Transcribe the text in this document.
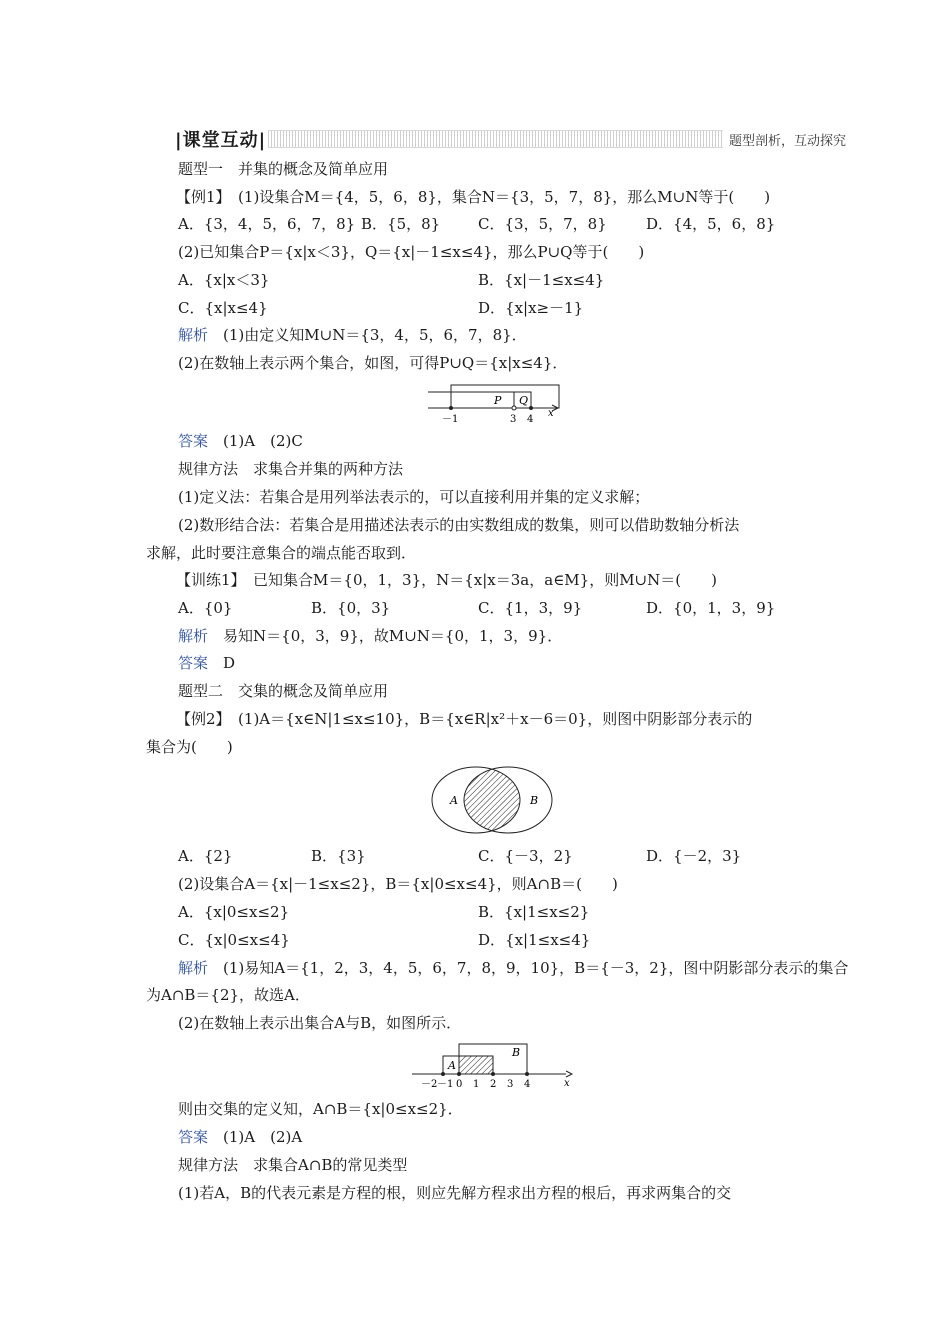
|课堂互动|	题型剖析，互动探究
题型一　并集的概念及简单应用
【例1】　(1)设集合M＝{4，5，6，8}，集合N＝{3，5，7，8}，那么M∪N等于(　　)
A．{3，4，5，6，7，8} B．{5，8}	C．{3，5，7，8}	D．{4，5，6，8}
(2)已知集合P＝{x|x＜3}，Q＝{x|－1≤x≤4}，那么P∪Q等于(　　)
A．{x|x＜3}	B．{x|－1≤x≤4}
C．{x|x≤4}	D．{x|x≥－1}
解析　 (1)由定义知M∪N＝{3，4，5，6，7，8}．
(2)在数轴上表示两个集合，如图，可得P∪Q＝{x|x≤4}．
P Q
－1	3 4
x
答案　 (1)A　(2)C
规律方法　求集合并集的两种方法
(1)定义法：若集合是用列举法表示的，可以直接利用并集的定义求解；
(2)数形结合法：若集合是用描述法表示的由实数组成的数集，则可以借助数轴分析法
求解，此时要注意集合的端点能否取到．
【训练1】　已知集合M＝{0，1，3}，N＝{x|x＝3a，a∈M}，则M∪N＝(　　)
A．{0}	B．{0，3}	C．{1，3，9}	D．{0，1，3，9}
解析　 易知N＝{0，3，9}，故M∪N＝{0，1，3，9}．
答案　 D
题型二　交集的概念及简单应用
【例2】　(1)A＝{x∈N|1≤x≤10}，B＝{x∈R|x²＋x－6＝0}，则图中阴影部分表示的
集合为(　　)
A	B
A．{2}	B．{3}	C．{－3，2}	D．{－2，3}
(2)设集合A＝{x|－1≤x≤2}，B＝{x|0≤x≤4}，则A∩B＝(　　)
A．{x|0≤x≤2}	B．{x|1≤x≤2}
C．{x|0≤x≤4}	D．{x|1≤x≤4}
解析　 (1)易知A＝{1，2，3，4，5，6，7，8，9，10}，B＝{－3，2}，图中阴影部分表示的集合
为A∩B＝{2}，故选A．
(2)在数轴上表示出集合A与B，如图所示．
A
B
－2 －1 0 1 2 3 4	x
则由交集的定义知，A∩B＝{x|0≤x≤2}．
答案　 (1)A　(2)A
规律方法　求集合A∩B的常见类型
(1)若A，B的代表元素是方程的根，则应先解方程求出方程的根后，再求两集合的交
